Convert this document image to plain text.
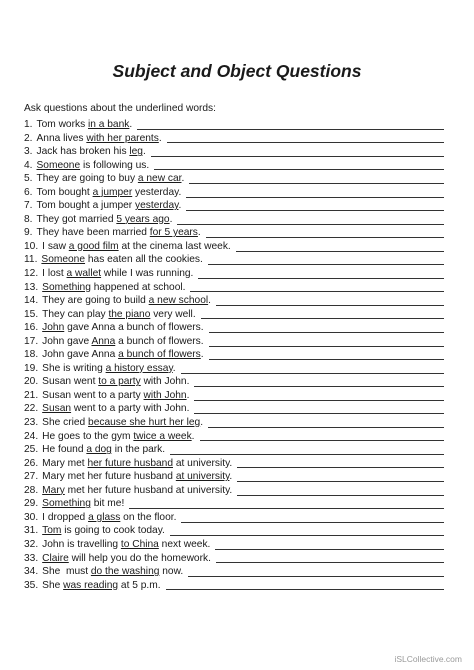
Subject and Object Questions
Ask questions about the underlined words:
1. Tom works in a bank.
2. Anna lives with her parents.
3. Jack has broken his leg.
4. Someone is following us.
5. They are going to buy a new car.
6. Tom bought a jumper yesterday.
7. Tom bought a jumper yesterday.
8. They got married 5 years ago.
9. They have been married for 5 years.
10. I saw a good film at the cinema last week.
11. Someone has eaten all the cookies.
12. I lost a wallet while I was running.
13. Something happened at school.
14. They are going to build a new school.
15. They can play the piano very well.
16. John gave Anna a bunch of flowers.
17. John gave Anna a bunch of flowers.
18. John gave Anna a bunch of flowers.
19. She is writing a history essay.
20. Susan went to a party with John.
21. Susan went to a party with John.
22. Susan went to a party with John.
23. She cried because she hurt her leg.
24. He goes to the gym twice a week.
25. He found a dog in the park.
26. Mary met her future husband at university.
27. Mary met her future husband at university.
28. Mary met her future husband at university.
29. Something bit me!
30. I dropped a glass on the floor.
31. Tom is going to cook today.
32. John is travelling to China next week.
33. Claire will help you do the homework.
34. She  must do the washing now.
35. She was reading at 5 p.m.
iSLCollective.com
